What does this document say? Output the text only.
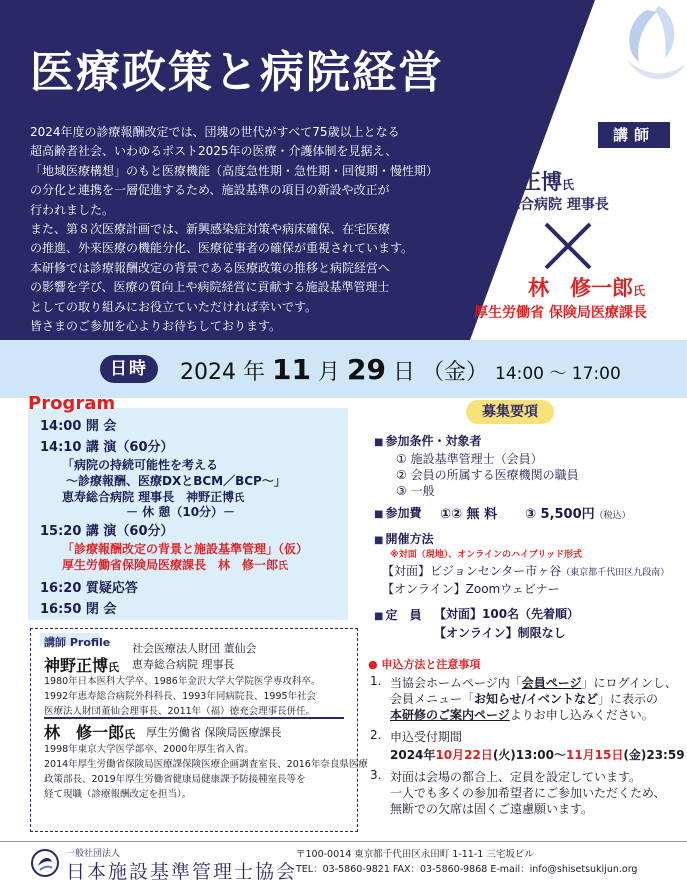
医療政策と病院経営

2024年度の診療報酬改定では、団塊の世代がすべて75歳以上となる

超高齢者社会、いわゆるポスト2025年の医療・介護体制を見据え、

「地域医療構想」のもと医療機能（高度急性期・急性期・回復期・慢性期）

の分化と連携を一層促進するため、施設基準の項目の新設や改正が

行われました。

また、第８次医療計画では、新興感染症対策や病床確保、在宅医療

の推進、外来医療の機能分化、医療従事者の確保が重視されています。

本研修では診療報酬改定の背景である医療政策の推移と病院経営へ

の影響を学び、医療の質向上や病院経営に貢献する施設基準管理士

としての取り組みにお役立ていただければ幸いです。

皆さまのご参加を心よりお待ちしております。

講師
神野正博氏
恵寿総合病院 理事長
林　修一郎氏
厚生労働省 保険局医療課長
日時	2024 年 11 月 29 日 （金） 14:00 ～ 17:00
Program
14:00 開 会
14:10 講 演（60分）
「病院の持続可能性を考える
～診療報酬、医療DXとBCM／BCP～」
恵寿総合病院 理事長　神野正博氏
－ 休 憩（10分）－
15:20 講 演（60分）
「診療報酬改定の背景と施設基準管理」（仮）
厚生労働省保険局医療課長　林　修一郎氏
16:20 質疑応答
16:50 閉 会
募集要項
■ 参加条件・対象者
① 施設基準管理士（会員）
② 会員の所属する医療機関の職員
③ 一般
■ 参加費 ①② 無 料 ③ 5,500円（税込）
■ 開催方法
※対面（現地）、オンラインのハイブリッド形式
【対面】ビジョンセンター市ヶ谷（東京都千代田区九段南）
【オンライン】Zoomウェビナー
■ 定　員 【対面】100名（先着順）
【オンライン】制限なし
講師 Profile 社会医療法人財団 董仙会
神野正博氏 恵寿総合病院 理事長
1980年日本医科大学卒、1986年金沢大学大学院医学専攻科卒。
1992年恵寿総合病院外科科長、1993年同病院長、1995年社会
医療法人財団董仙会理事長、2011年（福）徳充会理事長併任。
林　修一郎氏 厚生労働省 保険局医療課長
1998年東京大学医学部卒、2000年厚生省入省。
2014年厚生労働省保険局医療課保険医療企画調査室長、2016年奈良県医療
政策部長、2019年厚生労働省健康局健康課予防接種室長等を
経て現職（診療報酬改定を担当）。
● 申込方法と注意事項
1. 当協会ホームページ内「会員ページ」にログインし、
会員メニュー「お知らせ/イベントなど」に表示の
本研修のご案内ページよりお申し込みください。
2. 申込受付期間
2024年10月22日(火)13:00～11月15日(金)23:59
3. 対面は会場の都合上、定員を設定しています。
一人でも多くの参加希望者にご参加いただくため、
無断での欠席は固くご遠慮願います。
一般社団法人
日本施設基準管理士協会
〒100-0014 東京都千代田区永田町 1-11-1 三宅坂ビル
TEL：03-5860-9821 FAX：03-5860-9868 E-mail：info@shisetsukijun.org
